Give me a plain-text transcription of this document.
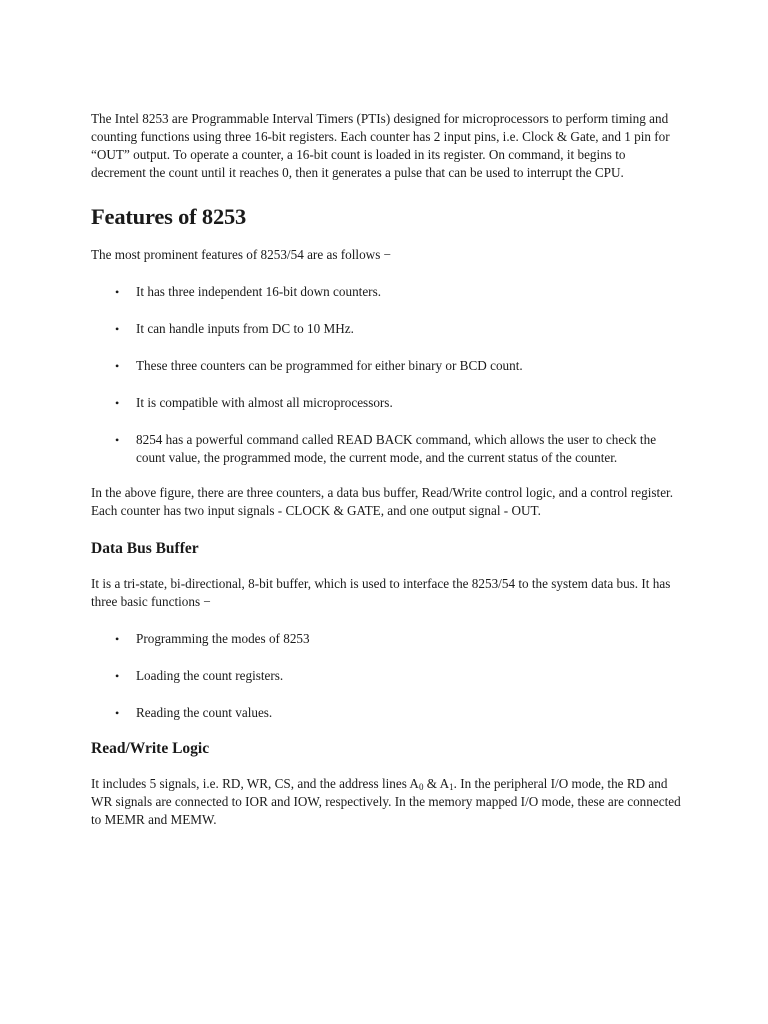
The Intel 8253 are Programmable Interval Timers (PTIs) designed for microprocessors to perform timing and counting functions using three 16-bit registers. Each counter has 2 input pins, i.e. Clock & Gate, and 1 pin for “OUT” output. To operate a counter, a 16-bit count is loaded in its register. On command, it begins to decrement the count until it reaches 0, then it generates a pulse that can be used to interrupt the CPU.

Features of 8253

The most prominent features of 8253/54 are as follows −

• It has three independent 16-bit down counters.
• It can handle inputs from DC to 10 MHz.
• These three counters can be programmed for either binary or BCD count.
• It is compatible with almost all microprocessors.
• 8254 has a powerful command called READ BACK command, which allows the user to check the count value, the programmed mode, the current mode, and the current status of the counter.

In the above figure, there are three counters, a data bus buffer, Read/Write control logic, and a control register. Each counter has two input signals - CLOCK & GATE, and one output signal - OUT.

Data Bus Buffer

It is a tri-state, bi-directional, 8-bit buffer, which is used to interface the 8253/54 to the system data bus. It has three basic functions −

• Programming the modes of 8253
• Loading the count registers.
• Reading the count values.
Read/Write Logic

It includes 5 signals, i.e. RD, WR, CS, and the address lines $A_0$ & $A_1$. In the peripheral I/O mode, the RD and WR signals are connected to IOR and IOW, respectively. In the memory mapped I/O mode, these are connected to MEMR and MEMW.
